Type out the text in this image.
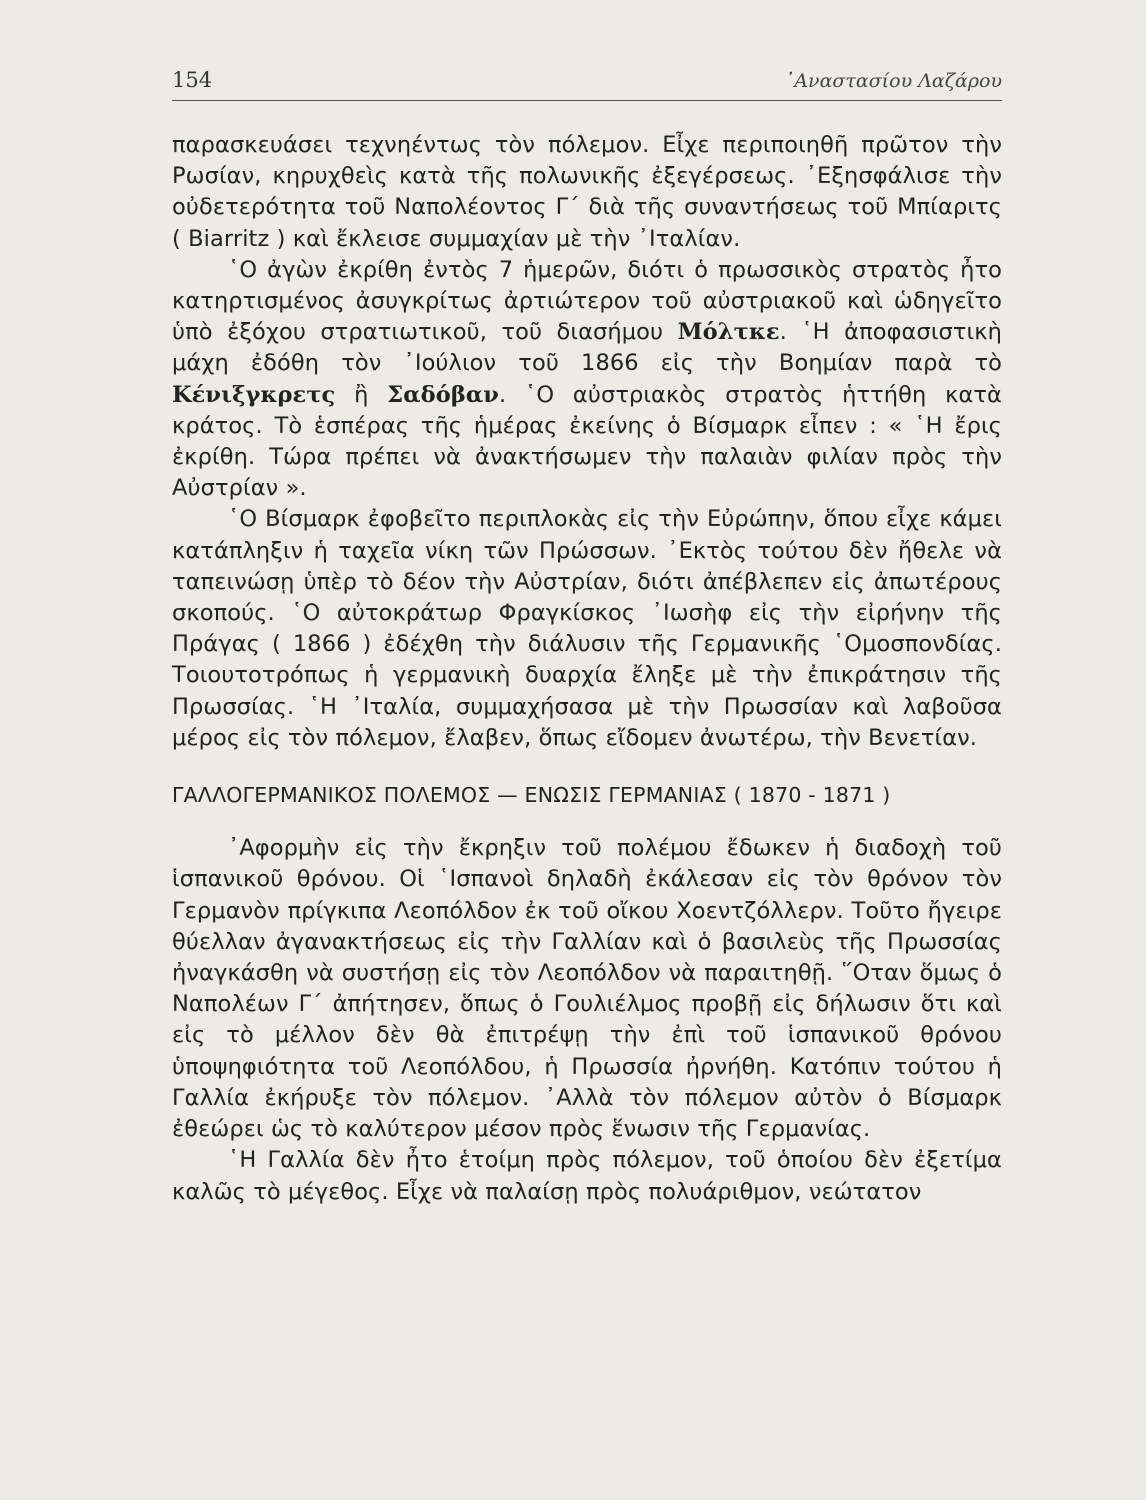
154	᾿Αναστασίου Λαζάρου

παρασκευάσει τεχνηέντως τὸν πόλεμον. Εἶχε περιποιηθῆ πρῶτον τὴν Ρωσίαν, κηρυχθεὶς κατὰ τῆς πολωνικῆς ἐξεγέρσεως. ᾿Εξησφάλισε τὴν οὐδετερότητα τοῦ Ναπολέοντος Γ΄ διὰ τῆς συναντήσεως τοῦ Μπίαριτς ( Biarritz ) καὶ ἔκλεισε συμμαχίαν μὲ τὴν ᾿Ιταλίαν.

῾Ο ἀγὼν ἐκρίθη ἐντὸς 7 ἡμερῶν, διότι ὁ πρωσσικὸς στρατὸς ἦτο κατηρτισμένος ἀσυγκρίτως ἀρτιώτερον τοῦ αὐστριακοῦ καὶ ὡδηγεῖτο ὑπὸ ἐξόχου στρατιωτικοῦ, τοῦ διασήμου Μόλτκε. ῾Η ἀποφασιστικὴ μάχη ἐδόθη τὸν ᾿Ιούλιον τοῦ 1866 εἰς τὴν Βοημίαν παρὰ τὸ Κένιξγκρετς ἢ Σαδόβαν. ῾Ο αὐστριακὸς στρατὸς ἡττήθη κατὰ κράτος. Τὸ ἑσπέρας τῆς ἡμέρας ἐκείνης ὁ Βίσμαρκ εἶπεν : « ῾Η ἔρις ἐκρίθη. Τώρα πρέπει νὰ ἀνακτήσωμεν τὴν παλαιὰν φιλίαν πρὸς τὴν Αὐστρίαν ».

῾Ο Βίσμαρκ ἐφοβεῖτο περιπλοκὰς εἰς τὴν Εὐρώπην, ὅπου εἶχε κάμει κατάπληξιν ἡ ταχεῖα νίκη τῶν Πρώσσων. ᾿Εκτὸς τούτου δὲν ἤθελε νὰ ταπεινώσῃ ὑπὲρ τὸ δέον τὴν Αὐστρίαν, διότι ἀπέβλεπεν εἰς ἀπωτέρους σκοπούς. ῾Ο αὐτοκράτωρ Φραγκίσκος ᾿Ιωσὴφ εἰς τὴν εἰρήνην τῆς Πράγας ( 1866 ) ἐδέχθη τὴν διάλυσιν τῆς Γερμανικῆς ῾Ομοσπονδίας. Τοιουτοτρόπως ἡ γερμανικὴ δυαρχία ἔληξε μὲ τὴν ἐπικράτησιν τῆς Πρωσσίας. ῾Η ᾿Ιταλία, συμμαχήσασα μὲ τὴν Πρωσσίαν καὶ λαβοῦσα μέρος εἰς τὸν πόλεμον, ἔλαβεν, ὅπως εἴδομεν ἀνωτέρω, τὴν Βενετίαν.

ΓΑΛΛΟΓΕΡΜΑΝΙΚΟΣ ΠΟΛΕΜΟΣ — ΕΝΩΣΙΣ ΓΕΡΜΑΝΙΑΣ ( 1870 - 1871 )

᾿Αφορμὴν εἰς τὴν ἔκρηξιν τοῦ πολέμου ἔδωκεν ἡ διαδοχὴ τοῦ ἱσπανικοῦ θρόνου. Οἱ ῾Ισπανοὶ δηλαδὴ ἐκάλεσαν εἰς τὸν θρόνον τὸν Γερμανὸν πρίγκιπα Λεοπόλδον ἐκ τοῦ οἴκου Χοεντζόλλερν. Τοῦτο ἤγειρε θύελλαν ἀγανακτήσεως εἰς τὴν Γαλλίαν καὶ ὁ βασιλεὺς τῆς Πρωσσίας ἠναγκάσθη νὰ συστήσῃ εἰς τὸν Λεοπόλδον νὰ παραιτηθῇ. ῞Οταν ὅμως ὁ Ναπολέων Γ΄ ἀπήτησεν, ὅπως ὁ Γουλιέλμος προβῇ εἰς δήλωσιν ὅτι καὶ εἰς τὸ μέλλον δὲν θὰ ἐπιτρέψῃ τὴν ἐπὶ τοῦ ἱσπανικοῦ θρόνου ὑποψηφιότητα τοῦ Λεοπόλδου, ἡ Πρωσσία ἠρνήθη. Κατόπιν τούτου ἡ Γαλλία ἐκήρυξε τὸν πόλεμον. ᾿Αλλὰ τὸν πόλεμον αὐτὸν ὁ Βίσμαρκ ἐθεώρει ὡς τὸ καλύτερον μέσον πρὸς ἕνωσιν τῆς Γερμανίας.

῾Η Γαλλία δὲν ἦτο ἑτοίμη πρὸς πόλεμον, τοῦ ὁποίου δὲν ἐξετίμα καλῶς τὸ μέγεθος. Εἶχε νὰ παλαίσῃ πρὸς πολυάριθμον, νεώτατον
